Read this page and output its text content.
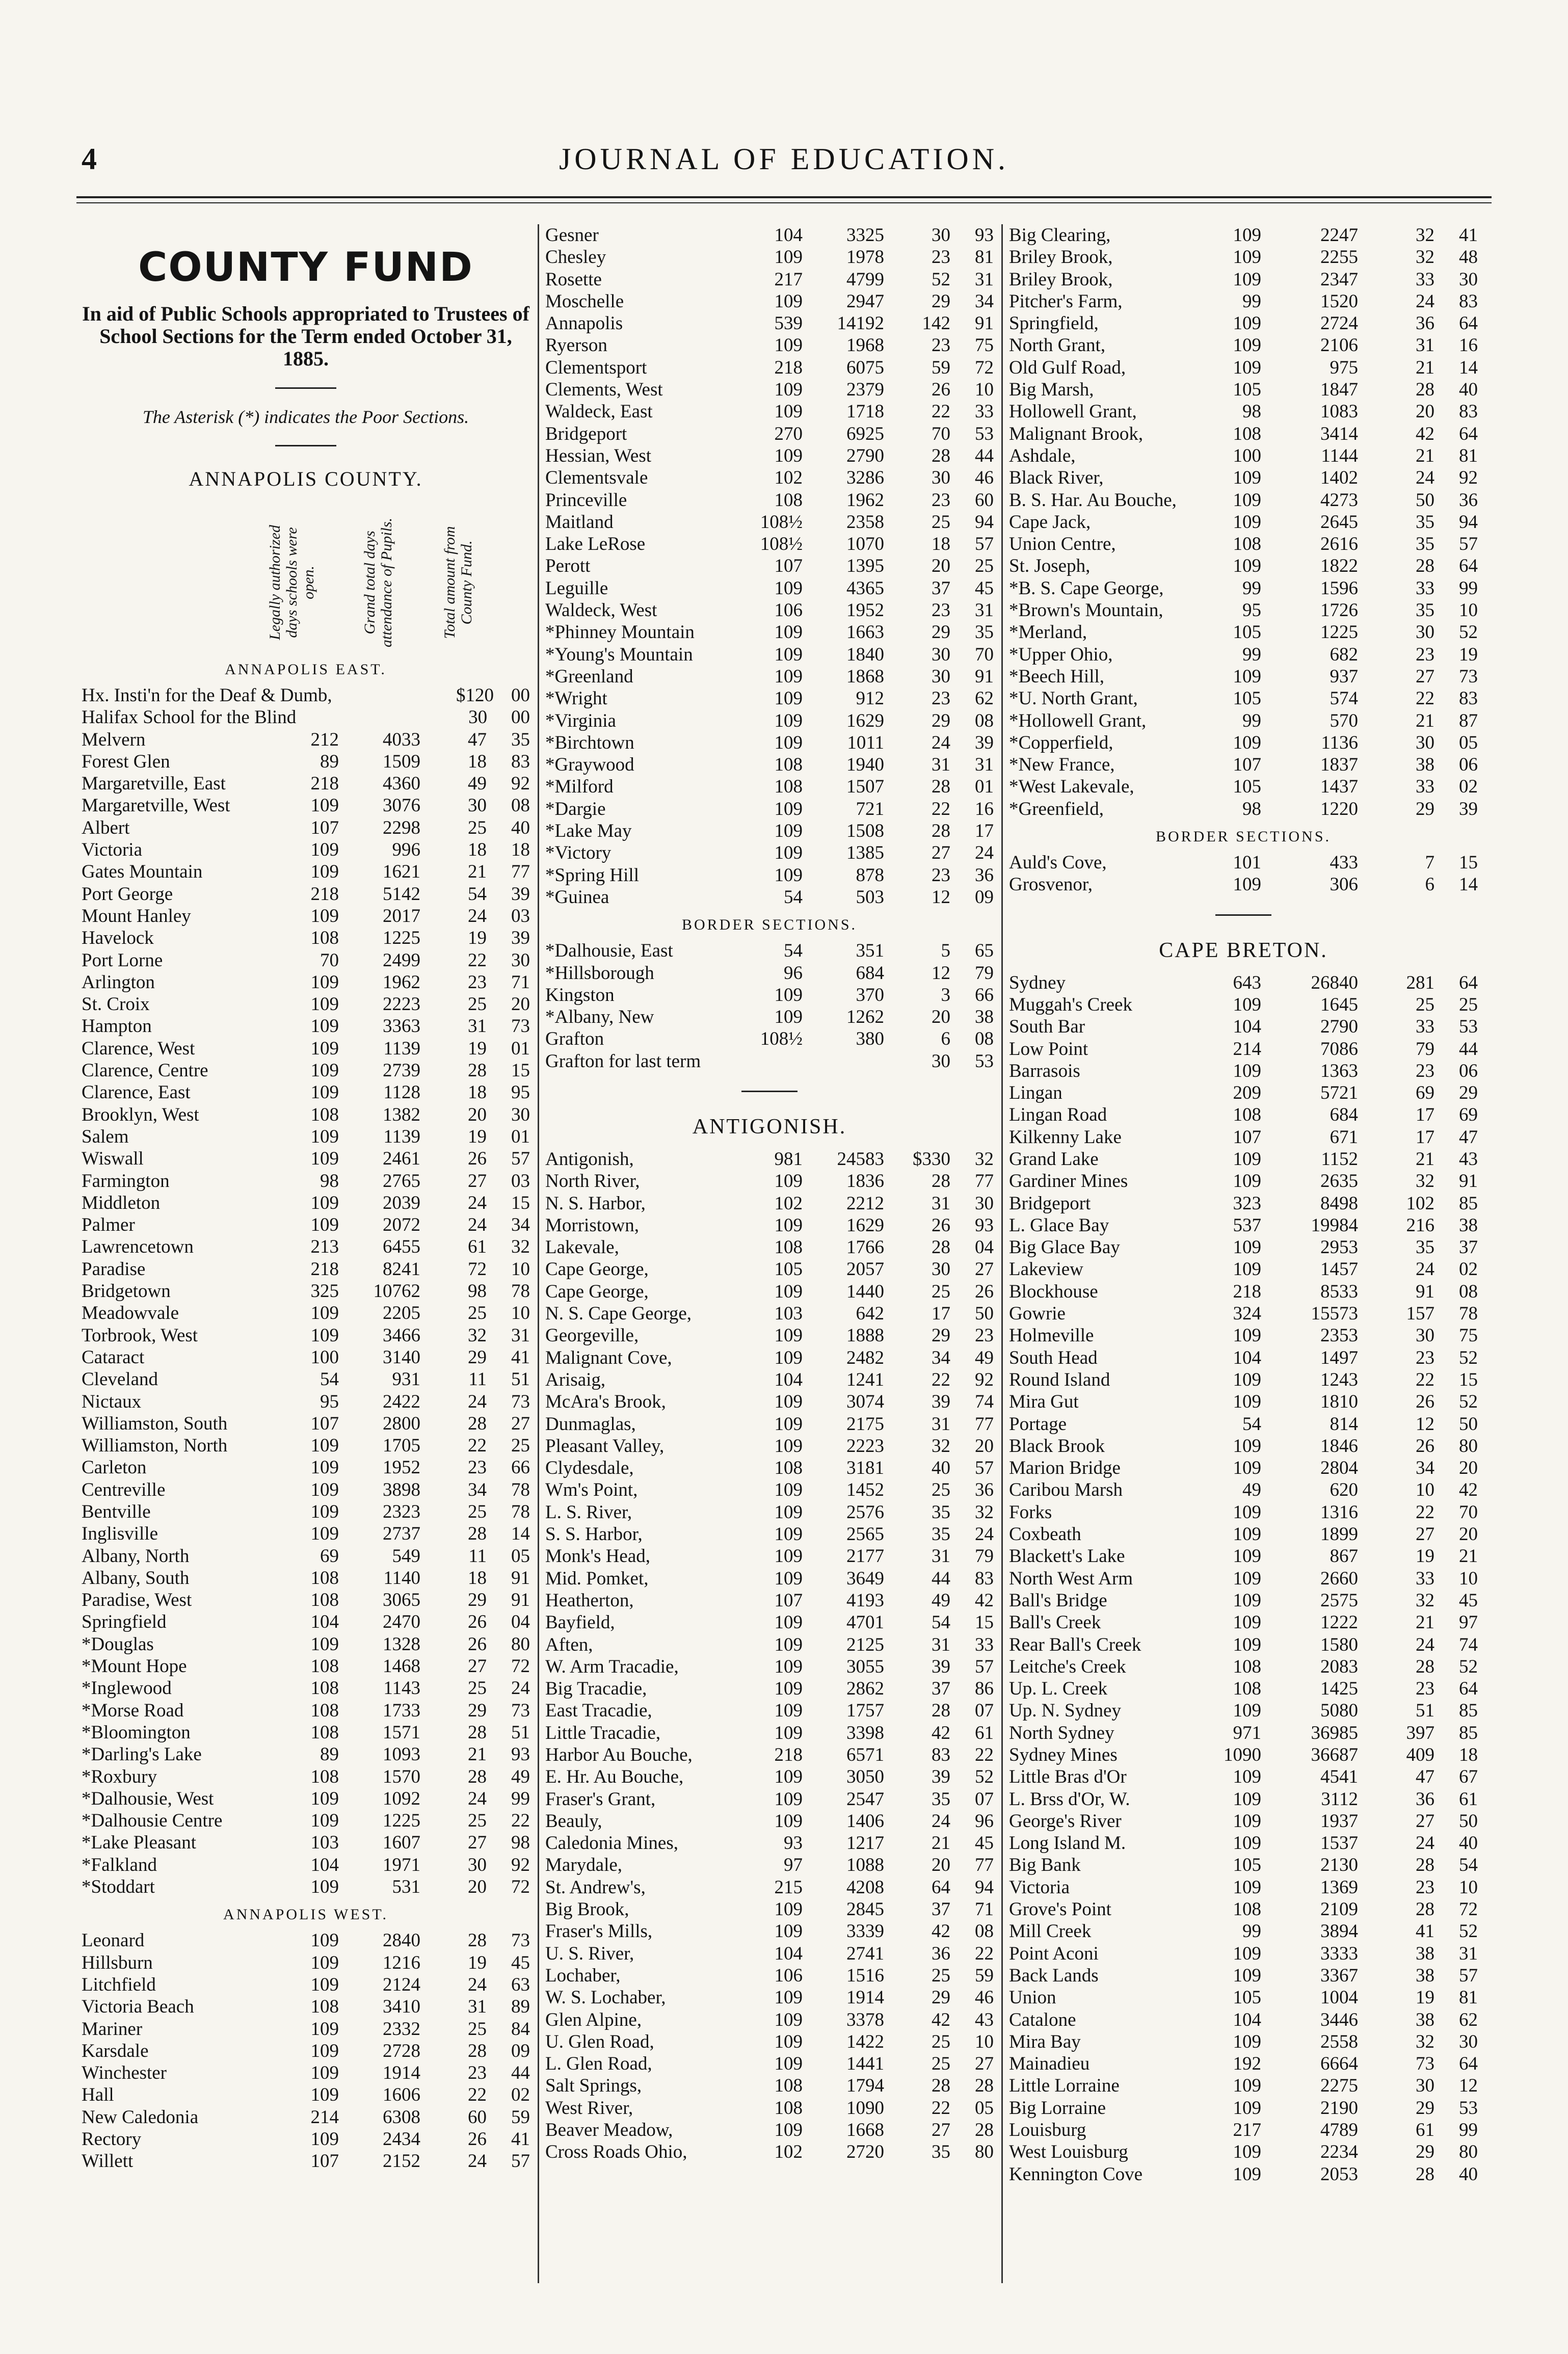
4	JOURNAL OF EDUCATION.
COUNTY FUND
In aid of Public Schools appropriated to Trustees of School Sections for the Term ended October 31, 1885.
The Asterisk (*) indicates the Poor Sections.
ANNAPOLIS COUNTY.
Legally authorized days schools were open.	Grand total days attendance of Pupils.	Total amount from County Fund.
ANNAPOLIS EAST.
Hx. Insti'n for the Deaf & Dumb,	$120 00
Halifax School for the Blind	30	00
Melvern	212	4033	47	35
Forest Glen	89	1509	18	83
Margaretville, East	218	4360	49	92
Margaretville, West	109	3076	30	08
Albert	107	2298	25	40
Victoria	109	996	18	18
Gates Mountain	109	1621	21	77
Port George	218	5142	54	39
Mount Hanley	109	2017	24	03
Havelock	108	1225	19	39
Port Lorne	70	2499	22	30
Arlington	109	1962	23	71
St. Croix	109	2223	25	20
Hampton	109	3363	31	73
Clarence, West	109	1139	19	01
Clarence, Centre	109	2739	28	15
Clarence, East	109	1128	18	95
Brooklyn, West	108	1382	20	30
Salem	109	1139	19	01
Wiswall	109	2461	26	57
Farmington	98	2765	27	03
Middleton	109	2039	24	15
Palmer	109	2072	24	34
Lawrencetown	213	6455	61	32
Paradise	218	8241	72	10
Bridgetown	325	10762	98	78
Meadowvale	109	2205	25	10
Torbrook, West	109	3466	32	31
Cataract	100	3140	29	41
Cleveland	54	931	11	51
Nictaux	95	2422	24	73
Williamston, South	107	2800	28	27
Williamston, North	109	1705	22	25
Carleton	109	1952	23	66
Centreville	109	3898	34	78
Bentville	109	2323	25	78
Inglisville	109	2737	28	14
Albany, North	69	549	11	05
Albany, South	108	1140	18	91
Paradise, West	108	3065	29	91
Springfield	104	2470	26	04
*Douglas	109	1328	26	80
*Mount Hope	108	1468	27	72
*Inglewood	108	1143	25	24
*Morse Road	108	1733	29	73
*Bloomington	108	1571	28	51
*Darling's Lake	89	1093	21	93
*Roxbury	108	1570	28	49
*Dalhousie, West	109	1092	24	99
*Dalhousie Centre	109	1225	25	22
*Lake Pleasant	103	1607	27	98
*Falkland	104	1971	30	92
*Stoddart	109	531	20	72
ANNAPOLIS WEST.
Leonard	109	2840	28	73
Hillsburn	109	1216	19	45
Litchfield	109	2124	24	63
Victoria Beach	108	3410	31	89
Mariner	109	2332	25	84
Karsdale	109	2728	28	09
Winchester	109	1914	23	44
Hall	109	1606	22	02
New Caledonia	214	6308	60	59
Rectory	109	2434	26	41
Willett	107	2152	24	57
Gesner	104	3325	30	93
Chesley	109	1978	23	81
Rosette	217	4799	52	31
Moschelle	109	2947	29	34
Annapolis	539	14192	142	91
Ryerson	109	1968	23	75
Clementsport	218	6075	59	72
Clements, West	109	2379	26	10
Waldeck, East	109	1718	22	33
Bridgeport	270	6925	70	53
Hessian, West	109	2790	28	44
Clementsvale	102	3286	30	46
Princeville	108	1962	23	60
Maitland	108½	2358	25	94
Lake LeRose	108½	1070	18	57
Perott	107	1395	20	25
Leguille	109	4365	37	45
Waldeck, West	106	1952	23	31
*Phinney Mountain	109	1663	29	35
*Young's Mountain	109	1840	30	70
*Greenland	109	1868	30	91
*Wright	109	912	23	62
*Virginia	109	1629	29	08
*Birchtown	109	1011	24	39
*Graywood	108	1940	31	31
*Milford	108	1507	28	01
*Dargie	109	721	22	16
*Lake May	109	1508	28	17
*Victory	109	1385	27	24
*Spring Hill	109	878	23	36
*Guinea	54	503	12	09
BORDER SECTIONS.
*Dalhousie, East	54	351	5	65
*Hillsborough	96	684	12	79
Kingston	109	370	3	66
*Albany, New	109	1262	20	38
Grafton	108½	380	6	08
Grafton for last term	30	53
ANTIGONISH.
Antigonish,	981	24583	$330	32
North River,	109	1836	28	77
N. S. Harbor,	102	2212	31	30
Morristown,	109	1629	26	93
Lakevale,	108	1766	28	04
Cape George,	105	2057	30	27
Cape George,	109	1440	25	26
N. S. Cape George,	103	642	17	50
Georgeville,	109	1888	29	23
Malignant Cove,	109	2482	34	49
Arisaig,	104	1241	22	92
McAra's Brook,	109	3074	39	74
Dunmaglas,	109	2175	31	77
Pleasant Valley,	109	2223	32	20
Clydesdale,	108	3181	40	57
Wm's Point,	109	1452	25	36
L. S. River,	109	2576	35	32
S. S. Harbor,	109	2565	35	24
Monk's Head,	109	2177	31	79
Mid. Pomket,	109	3649	44	83
Heatherton,	107	4193	49	42
Bayfield,	109	4701	54	15
Aften,	109	2125	31	33
W. Arm Tracadie,	109	3055	39	57
Big Tracadie,	109	2862	37	86
East Tracadie,	109	1757	28	07
Little Tracadie,	109	3398	42	61
Harbor Au Bouche,	218	6571	83	22
E. Hr. Au Bouche,	109	3050	39	52
Fraser's Grant,	109	2547	35	07
Beauly,	109	1406	24	96
Caledonia Mines,	93	1217	21	45
Marydale,	97	1088	20	77
St. Andrew's,	215	4208	64	94
Big Brook,	109	2845	37	71
Fraser's Mills,	109	3339	42	08
U. S. River,	104	2741	36	22
Lochaber,	106	1516	25	59
W. S. Lochaber,	109	1914	29	46
Glen Alpine,	109	3378	42	43
U. Glen Road,	109	1422	25	10
L. Glen Road,	109	1441	25	27
Salt Springs,	108	1794	28	28
West River,	108	1090	22	05
Beaver Meadow,	109	1668	27	28
Cross Roads Ohio,	102	2720	35	80
Big Clearing,	109	2247	32	41
Briley Brook,	109	2255	32	48
Briley Brook,	109	2347	33	30
Pitcher's Farm,	99	1520	24	83
Springfield,	109	2724	36	64
North Grant,	109	2106	31	16
Old Gulf Road,	109	975	21	14
Big Marsh,	105	1847	28	40
Hollowell Grant,	98	1083	20	83
Malignant Brook,	108	3414	42	64
Ashdale,	100	1144	21	81
Black River,	109	1402	24	92
B. S. Har. Au Bouche,	109	4273	50	36
Cape Jack,	109	2645	35	94
Union Centre,	108	2616	35	57
St. Joseph,	109	1822	28	64
*B. S. Cape George,	99	1596	33	99
*Brown's Mountain,	95	1726	35	10
*Merland,	105	1225	30	52
*Upper Ohio,	99	682	23	19
*Beech Hill,	109	937	27	73
*U. North Grant,	105	574	22	83
*Hollowell Grant,	99	570	21	87
*Copperfield,	109	1136	30	05
*New France,	107	1837	38	06
*West Lakevale,	105	1437	33	02
*Greenfield,	98	1220	29	39
BORDER SECTIONS.
Auld's Cove,	101	433	7	15
Grosvenor,	109	306	6	14
CAPE BRETON.
Sydney	643	26840	281	64
Muggah's Creek	109	1645	25	25
South Bar	104	2790	33	53
Low Point	214	7086	79	44
Barrasois	109	1363	23	06
Lingan	209	5721	69	29
Lingan Road	108	684	17	69
Kilkenny Lake	107	671	17	47
Grand Lake	109	1152	21	43
Gardiner Mines	109	2635	32	91
Bridgeport	323	8498	102	85
L. Glace Bay	537	19984	216	38
Big Glace Bay	109	2953	35	37
Lakeview	109	1457	24	02
Blockhouse	218	8533	91	08
Gowrie	324	15573	157	78
Holmeville	109	2353	30	75
South Head	104	1497	23	52
Round Island	109	1243	22	15
Mira Gut	109	1810	26	52
Portage	54	814	12	50
Black Brook	109	1846	26	80
Marion Bridge	109	2804	34	20
Caribou Marsh	49	620	10	42
Forks	109	1316	22	70
Coxbeath	109	1899	27	20
Blackett's Lake	109	867	19	21
North West Arm	109	2660	33	10
Ball's Bridge	109	2575	32	45
Ball's Creek	109	1222	21	97
Rear Ball's Creek	109	1580	24	74
Leitche's Creek	108	2083	28	52
Up. L. Creek	108	1425	23	64
Up. N. Sydney	109	5080	51	85
North Sydney	971	36985	397	85
Sydney Mines	1090	36687	409	18
Little Bras d'Or	109	4541	47	67
L. Brss d'Or, W.	109	3112	36	61
George's River	109	1937	27	50
Long Island M.	109	1537	24	40
Big Bank	105	2130	28	54
Victoria	109	1369	23	10
Grove's Point	108	2109	28	72
Mill Creek	99	3894	41	52
Point Aconi	109	3333	38	31
Back Lands	109	3367	38	57
Union	105	1004	19	81
Catalone	104	3446	38	62
Mira Bay	109	2558	32	30
Mainadieu	192	6664	73	64
Little Lorraine	109	2275	30	12
Big Lorraine	109	2190	29	53
Louisburg	217	4789	61	99
West Louisburg	109	2234	29	80
Kennington Cove	109	2053	28	40
